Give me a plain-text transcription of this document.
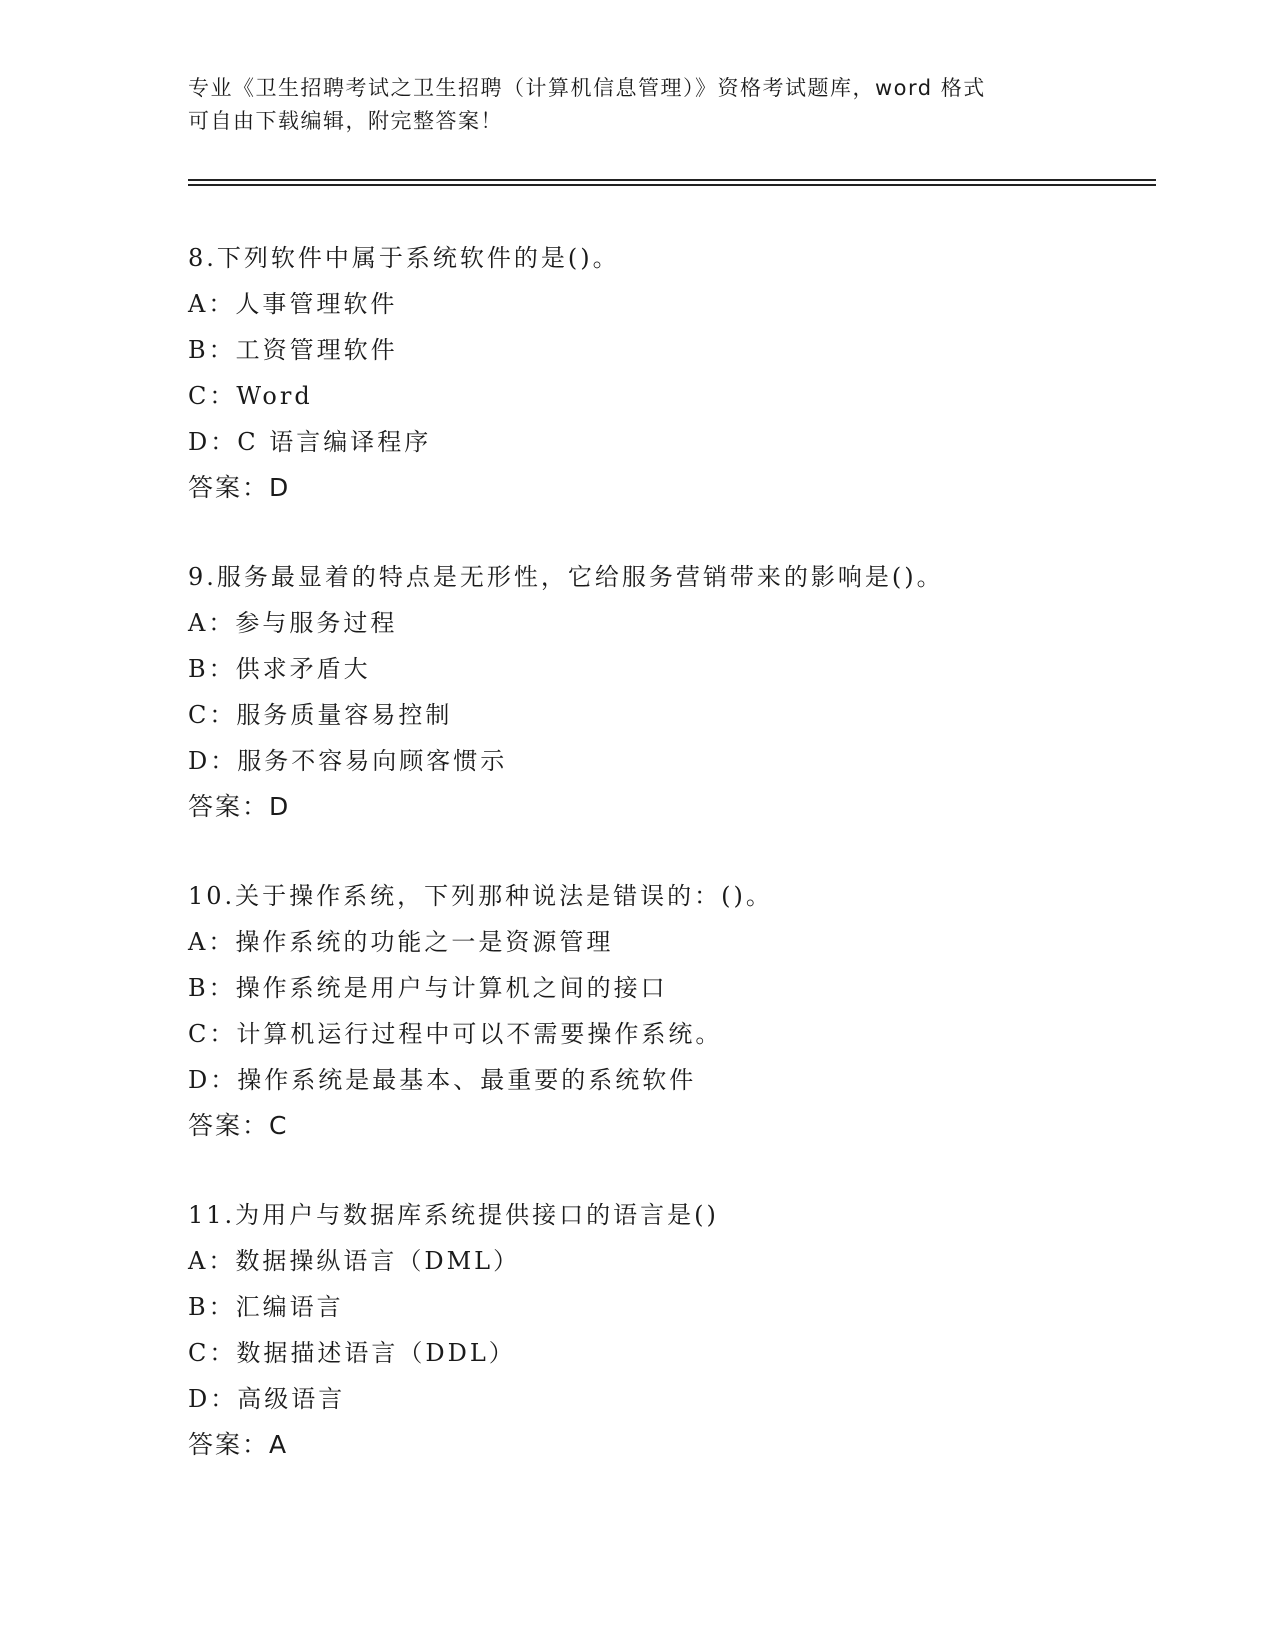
专业《卫生招聘考试之卫生招聘（计算机信息管理）》资格考试题库，word 格式
可自由下载编辑，附完整答案！
8.下列软件中属于系统软件的是()。
A：人事管理软件
B：工资管理软件
C：Word
D：C 语言编译程序
答案：D
9.服务最显着的特点是无形性，它给服务营销带来的影响是()。
A：参与服务过程
B：供求矛盾大
C：服务质量容易控制
D：服务不容易向顾客惯示
答案：D
10.关于操作系统，下列那种说法是错误的：()。
A：操作系统的功能之一是资源管理
B：操作系统是用户与计算机之间的接口
C：计算机运行过程中可以不需要操作系统。
D：操作系统是最基本、最重要的系统软件
答案：C
11.为用户与数据库系统提供接口的语言是()
A：数据操纵语言（DML）
B：汇编语言
C：数据描述语言（DDL）
D：高级语言
答案：A
